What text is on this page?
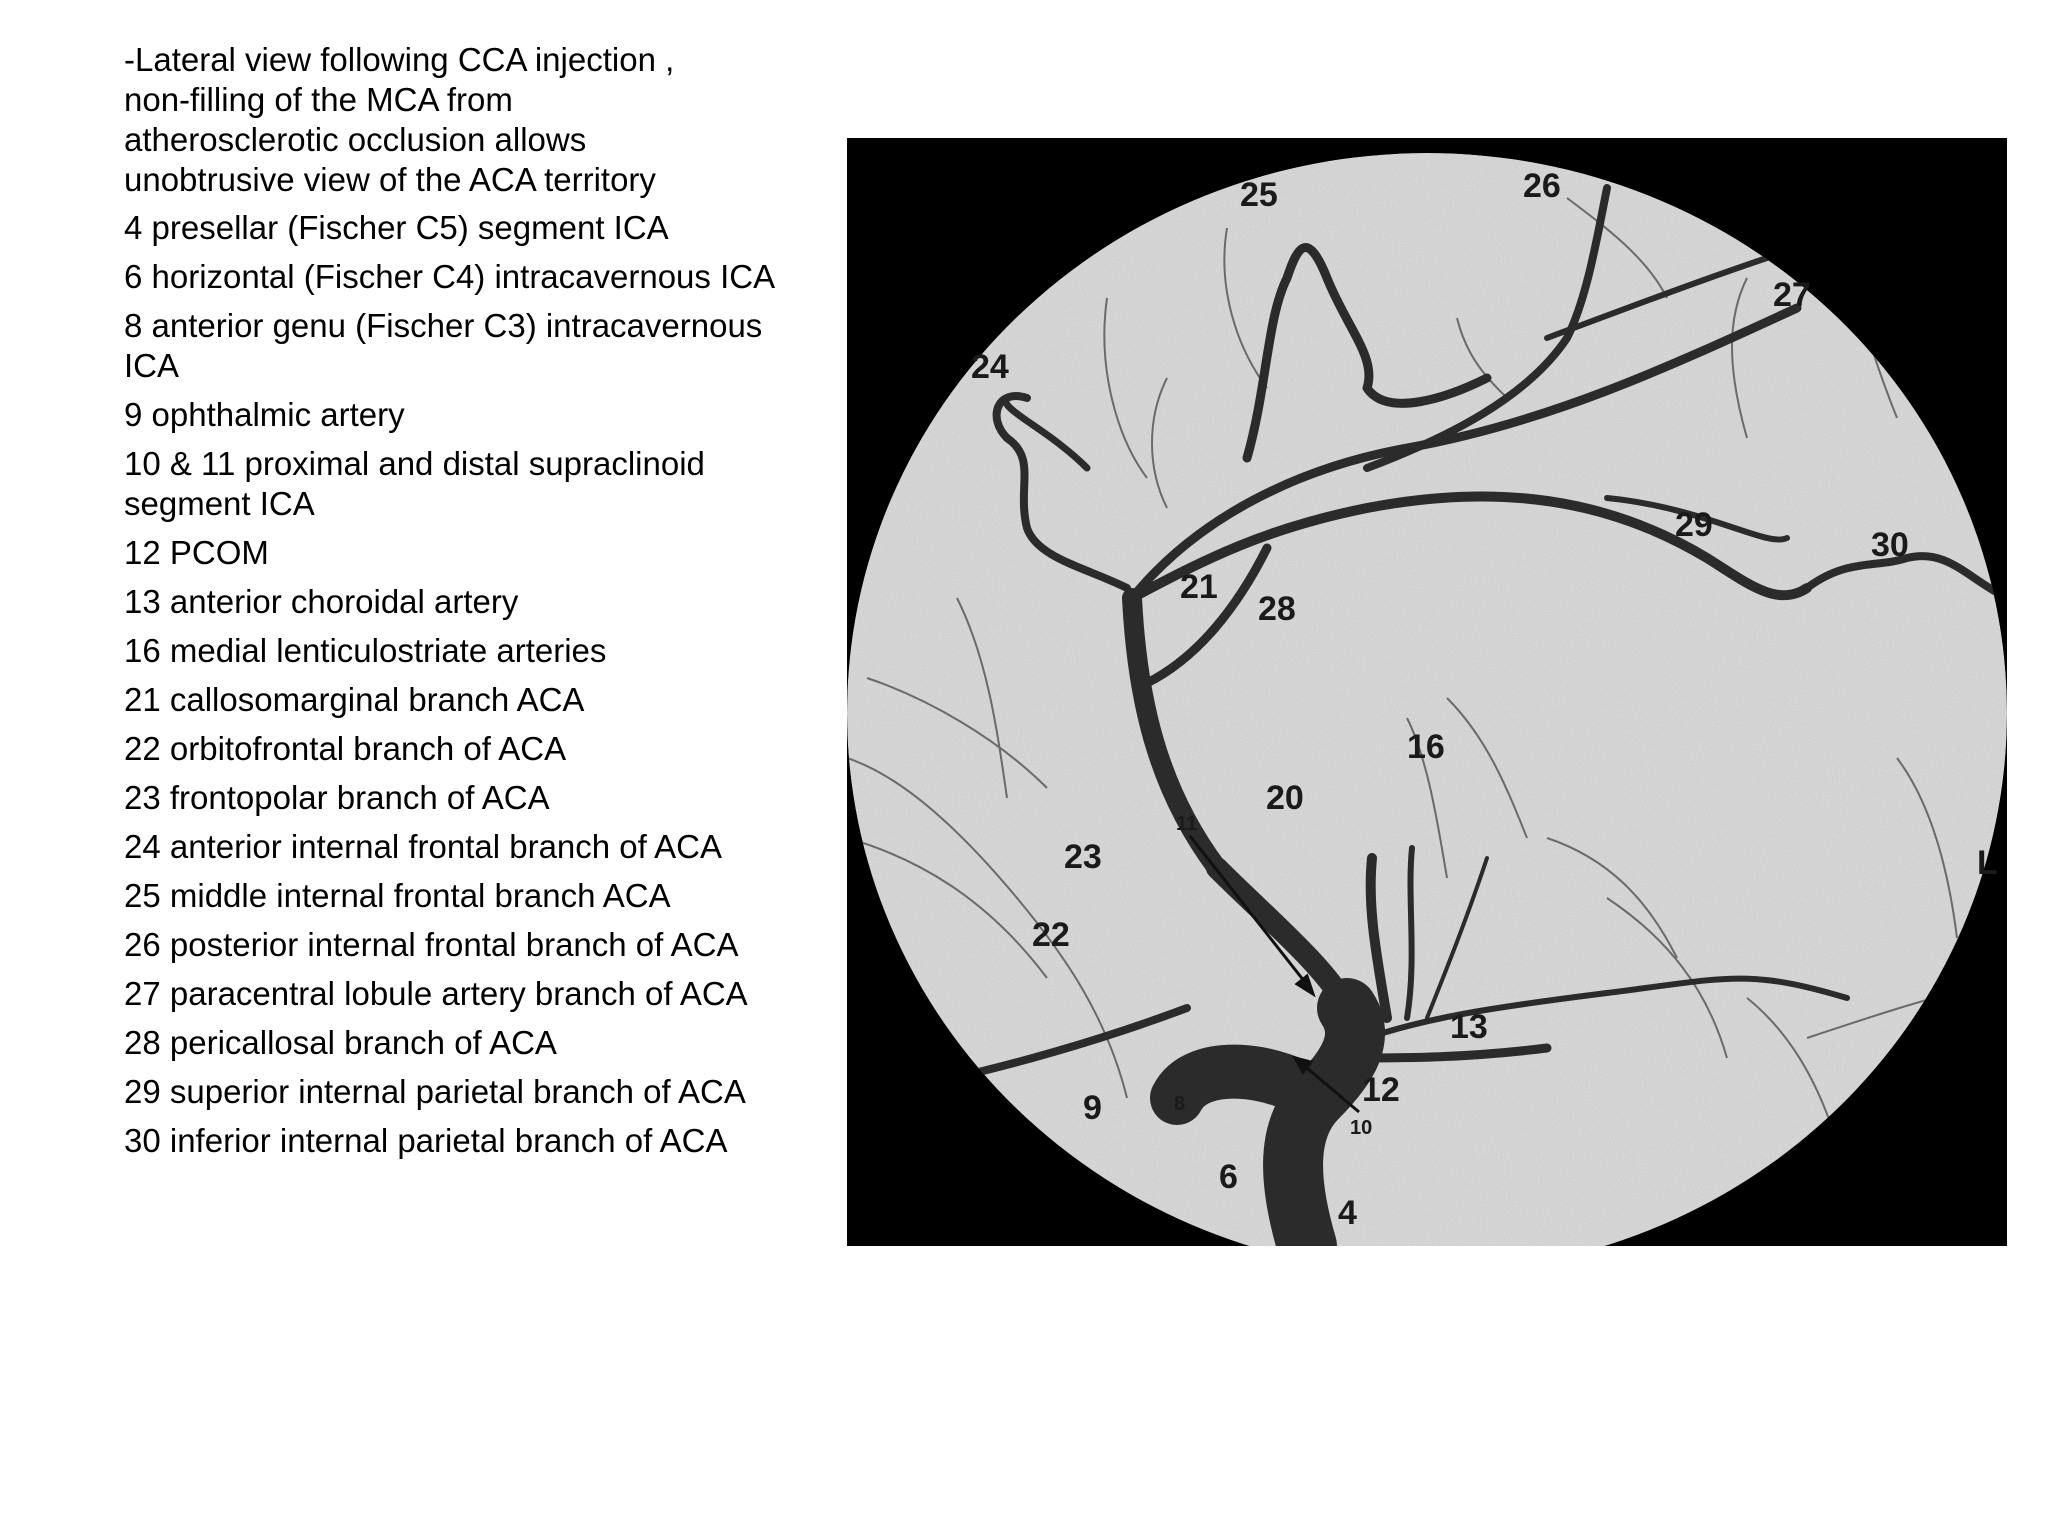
-Lateral view following CCA injection ,
non-filling of the MCA from
atherosclerotic occlusion allows
unobtrusive view of the ACA territory
4 presellar (Fischer C5) segment ICA
6 horizontal (Fischer C4) intracavernous ICA
8 anterior genu (Fischer C3) intracavernous ICA
9 ophthalmic artery
10 & 11 proximal and distal supraclinoid segment ICA
12 PCOM
13 anterior choroidal artery
16 medial lenticulostriate arteries
21 callosomarginal branch ACA
22 orbitofrontal branch of ACA
23 frontopolar branch of ACA
24 anterior internal frontal branch of ACA
25 middle internal frontal branch ACA
26 posterior internal frontal branch of ACA
27 paracentral lobule artery branch of ACA
28 pericallosal branch of ACA
29 superior internal parietal branch of ACA
30 inferior internal parietal branch of ACA
25	26
27
24
29
30
21
28
16
20
11
23
22
13
12
9	8
10
6
4
L
